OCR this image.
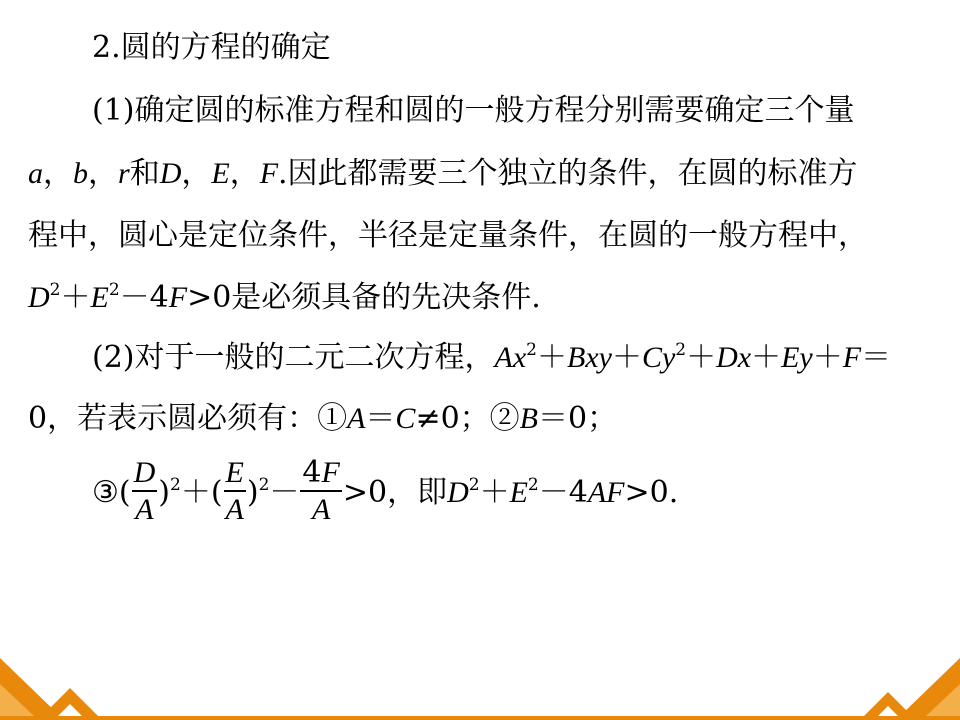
2.圆的方程的确定
(1)确定圆的标准方程和圆的一般方程分别需要确定三个量
a，b，r和D，E，F.因此都需要三个独立的条件，在圆的标准方
程中，圆心是定位条件，半径是定量条件，在圆的一般方程中，
$D^2+E^2-4F>0$是必须具备的先决条件.
(2)对于一般的二元二次方程，$Ax^2+Bxy+Cy^2+Dx+Ey+F=$
0，若表示圆必须有：①A＝C≠0；②B＝0；
③( $\frac{D}{A} )^2+( \frac{E}{A} )^2- \frac{4F}{A} >0$，即$D^2+E^2-4AF>0$.
